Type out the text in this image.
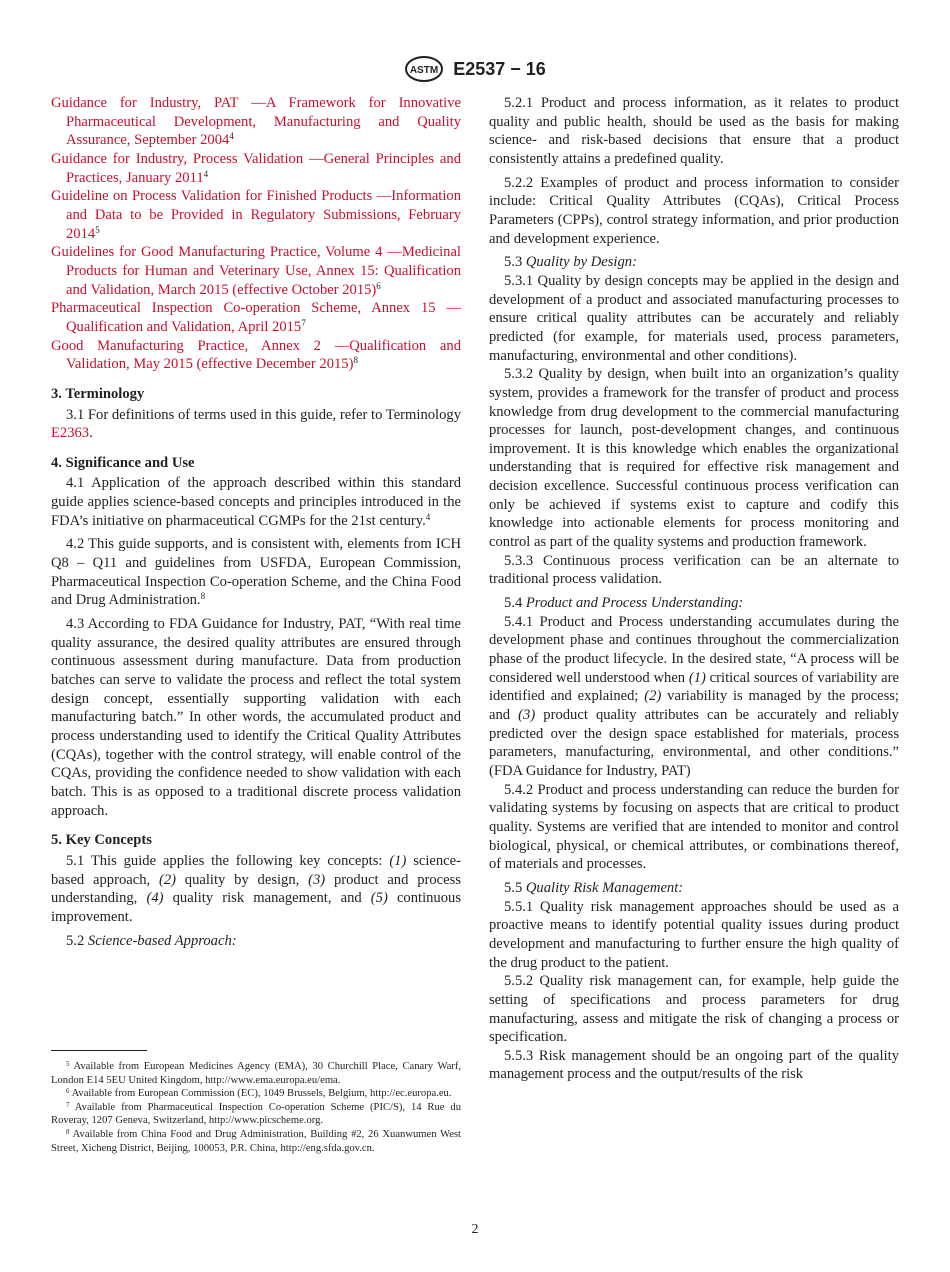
ASTM E2537 − 16

Guidance for Industry, PAT —A Framework for Innovative Pharmaceutical Development, Manufacturing and Quality Assurance, September 2004$^4$

Guidance for Industry, Process Validation —General Principles and Practices, January 2011$^4$

Guideline on Process Validation for Finished Products —Information and Data to be Provided in Regulatory Submissions, February 2014$^5$

Guidelines for Good Manufacturing Practice, Volume 4 —Medicinal Products for Human and Veterinary Use, Annex 15: Qualification and Validation, March 2015 (effective October 2015)$^6$

Pharmaceutical Inspection Co-operation Scheme, Annex 15 —Qualification and Validation, April 2015$^7$

Good Manufacturing Practice, Annex 2 —Qualification and Validation, May 2015 (effective December 2015)$^8$

3. Terminology

3.1 For definitions of terms used in this guide, refer to Terminology E2363.

4. Significance and Use

4.1 Application of the approach described within this standard guide applies science-based concepts and principles introduced in the FDA’s initiative on pharmaceutical CGMPs for the 21st century.$^4$

4.2 This guide supports, and is consistent with, elements from ICH Q8 – Q11 and guidelines from USFDA, European Commission, Pharmaceutical Inspection Co-operation Scheme, and the China Food and Drug Administration.$^8$

4.3 According to FDA Guidance for Industry, PAT, “With real time quality assurance, the desired quality attributes are ensured through continuous assessment during manufacture. Data from production batches can serve to validate the process and reflect the total system design concept, essentially supporting validation with each manufacturing batch.” In other words, the accumulated product and process understanding used to identify the Critical Quality Attributes (CQAs), together with the control strategy, will enable control of the CQAs, providing the confidence needed to show validation with each batch. This is as opposed to a traditional discrete process validation approach.

5. Key Concepts

5.1 This guide applies the following key concepts: (1) science-based approach, (2) quality by design, (3) product and process understanding, (4) quality risk management, and (5) continuous improvement.

5.2 Science-based Approach:

$^5$ Available from European Medicines Agency (EMA), 30 Churchill Place, Canary Warf, London E14 5EU United Kingdom, http://www.ema.europa.eu/ema.

$^6$ Available from European Commission (EC), 1049 Brussels, Belgium, http://ec.europa.eu.

$^7$ Available from Pharmaceutical Inspection Co-operation Scheme (PIC/S), 14 Rue du Roveray, 1207 Geneva, Switzerland, http://www.picscheme.org.

$^8$ Available from China Food and Drug Administration, Building #2, 26 Xuanwumen West Street, Xicheng District, Beijing, 100053, P.R. China, http://eng.sfda.gov.cn.

5.2.1 Product and process information, as it relates to product quality and public health, should be used as the basis for making science- and risk-based decisions that ensure that a product consistently attains a predefined quality.

5.2.2 Examples of product and process information to consider include: Critical Quality Attributes (CQAs), Critical Process Parameters (CPPs), control strategy information, and prior production and development experience.

5.3 Quality by Design:

5.3.1 Quality by design concepts may be applied in the design and development of a product and associated manufacturing processes to ensure critical quality attributes can be accurately and reliably predicted (for example, for materials used, process parameters, manufacturing, environmental and other conditions).

5.3.2 Quality by design, when built into an organization’s quality system, provides a framework for the transfer of product and process knowledge from drug development to the commercial manufacturing processes for launch, post-development changes, and continuous improvement. It is this knowledge which enables the organizational understanding that is required for effective risk management and decision excellence. Successful continuous process verification can only be achieved if systems exist to capture and codify this knowledge into actionable elements for process monitoring and control as part of the quality systems and production framework.

5.3.3 Continuous process verification can be an alternate to traditional process validation.

5.4 Product and Process Understanding:

5.4.1 Product and Process understanding accumulates during the development phase and continues throughout the commercialization phase of the product lifecycle. In the desired state, “A process will be considered well understood when (1) critical sources of variability are identified and explained; (2) variability is managed by the process; and (3) product quality attributes can be accurately and reliably predicted over the design space established for materials, process parameters, manufacturing, environmental, and other conditions.” (FDA Guidance for Industry, PAT)

5.4.2 Product and process understanding can reduce the burden for validating systems by focusing on aspects that are critical to product quality. Systems are verified that are intended to monitor and control biological, physical, or chemical attributes, or combinations thereof, of materials and processes.

5.5 Quality Risk Management:

5.5.1 Quality risk management approaches should be used as a proactive means to identify potential quality issues during product development and manufacturing to further ensure the high quality of the drug product to the patient.

5.5.2 Quality risk management can, for example, help guide the setting of specifications and process parameters for drug manufacturing, assess and mitigate the risk of changing a process or specification.

5.5.3 Risk management should be an ongoing part of the quality management process and the output/results of the risk

2
